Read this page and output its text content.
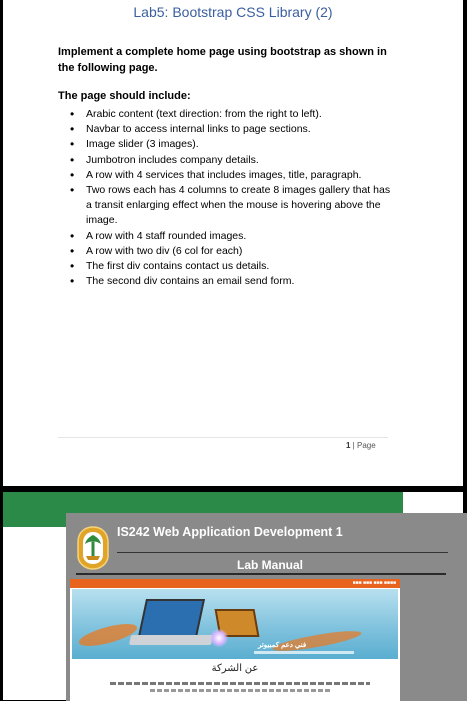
Lab5: Bootstrap CSS Library (2)
Implement a complete home page using bootstrap as shown in the following page.
The page should include:
• Arabic content (text direction: from the right to left).
• Navbar to access internal links to page sections.
• Image slider (3 images).
• Jumbotron includes company details.
• A row with 4 services that includes images, title, paragraph.
• Two rows each has 4 columns to create 8 images gallery that has a transit enlarging effect when the mouse is hovering above the image.
• A row with 4 staff rounded images.
• A row with two div (6 col for each)
• The first div contains contact us details.
• The second div contains an email send form.
1 | Page
IS242 Web Application Development 1
Lab Manual
■■■ ■■■ ■■■ ■■■■
فني دعم كمبيوتر
عن الشركة
